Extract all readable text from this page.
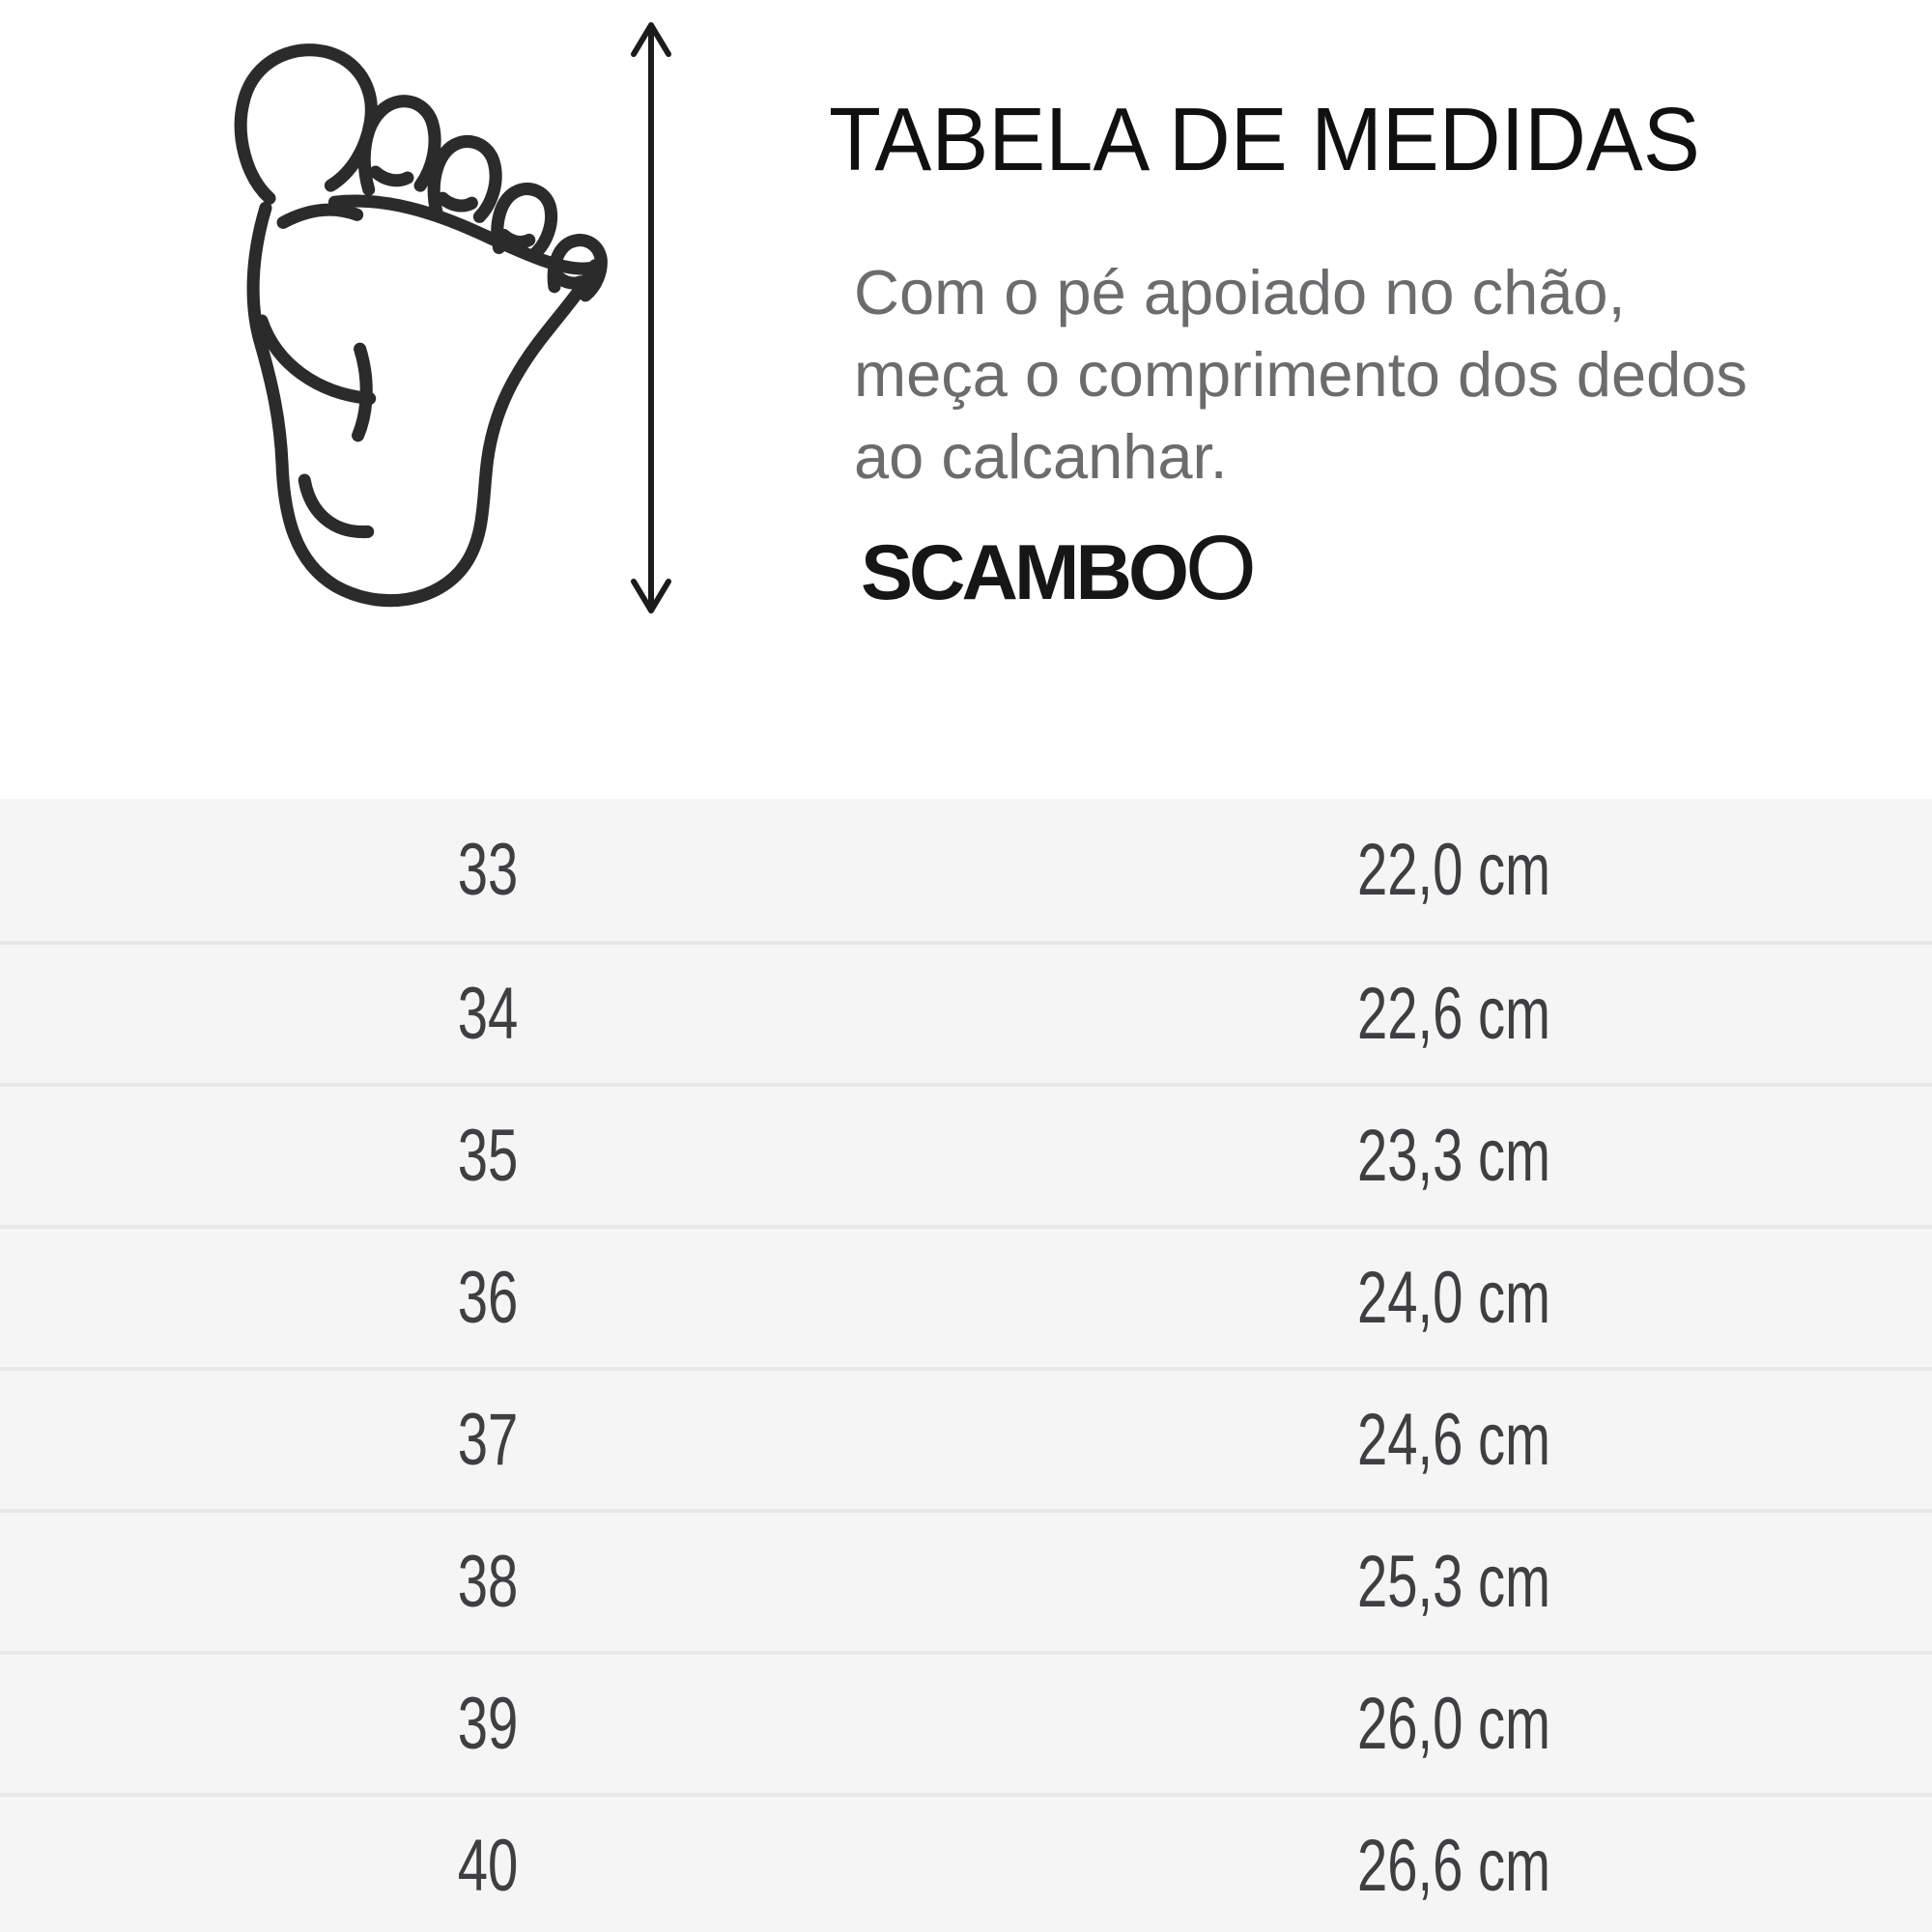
TABELA DE MEDIDAS

Com o pé apoiado no chão,
meça o comprimento dos dedos
ao calcanhar.

SCAMBO O
33	22,0 cm
34	22,6 cm
35	23,3 cm
36	24,0 cm
37	24,6 cm
38	25,3 cm
39	26,0 cm
40	26,6 cm
